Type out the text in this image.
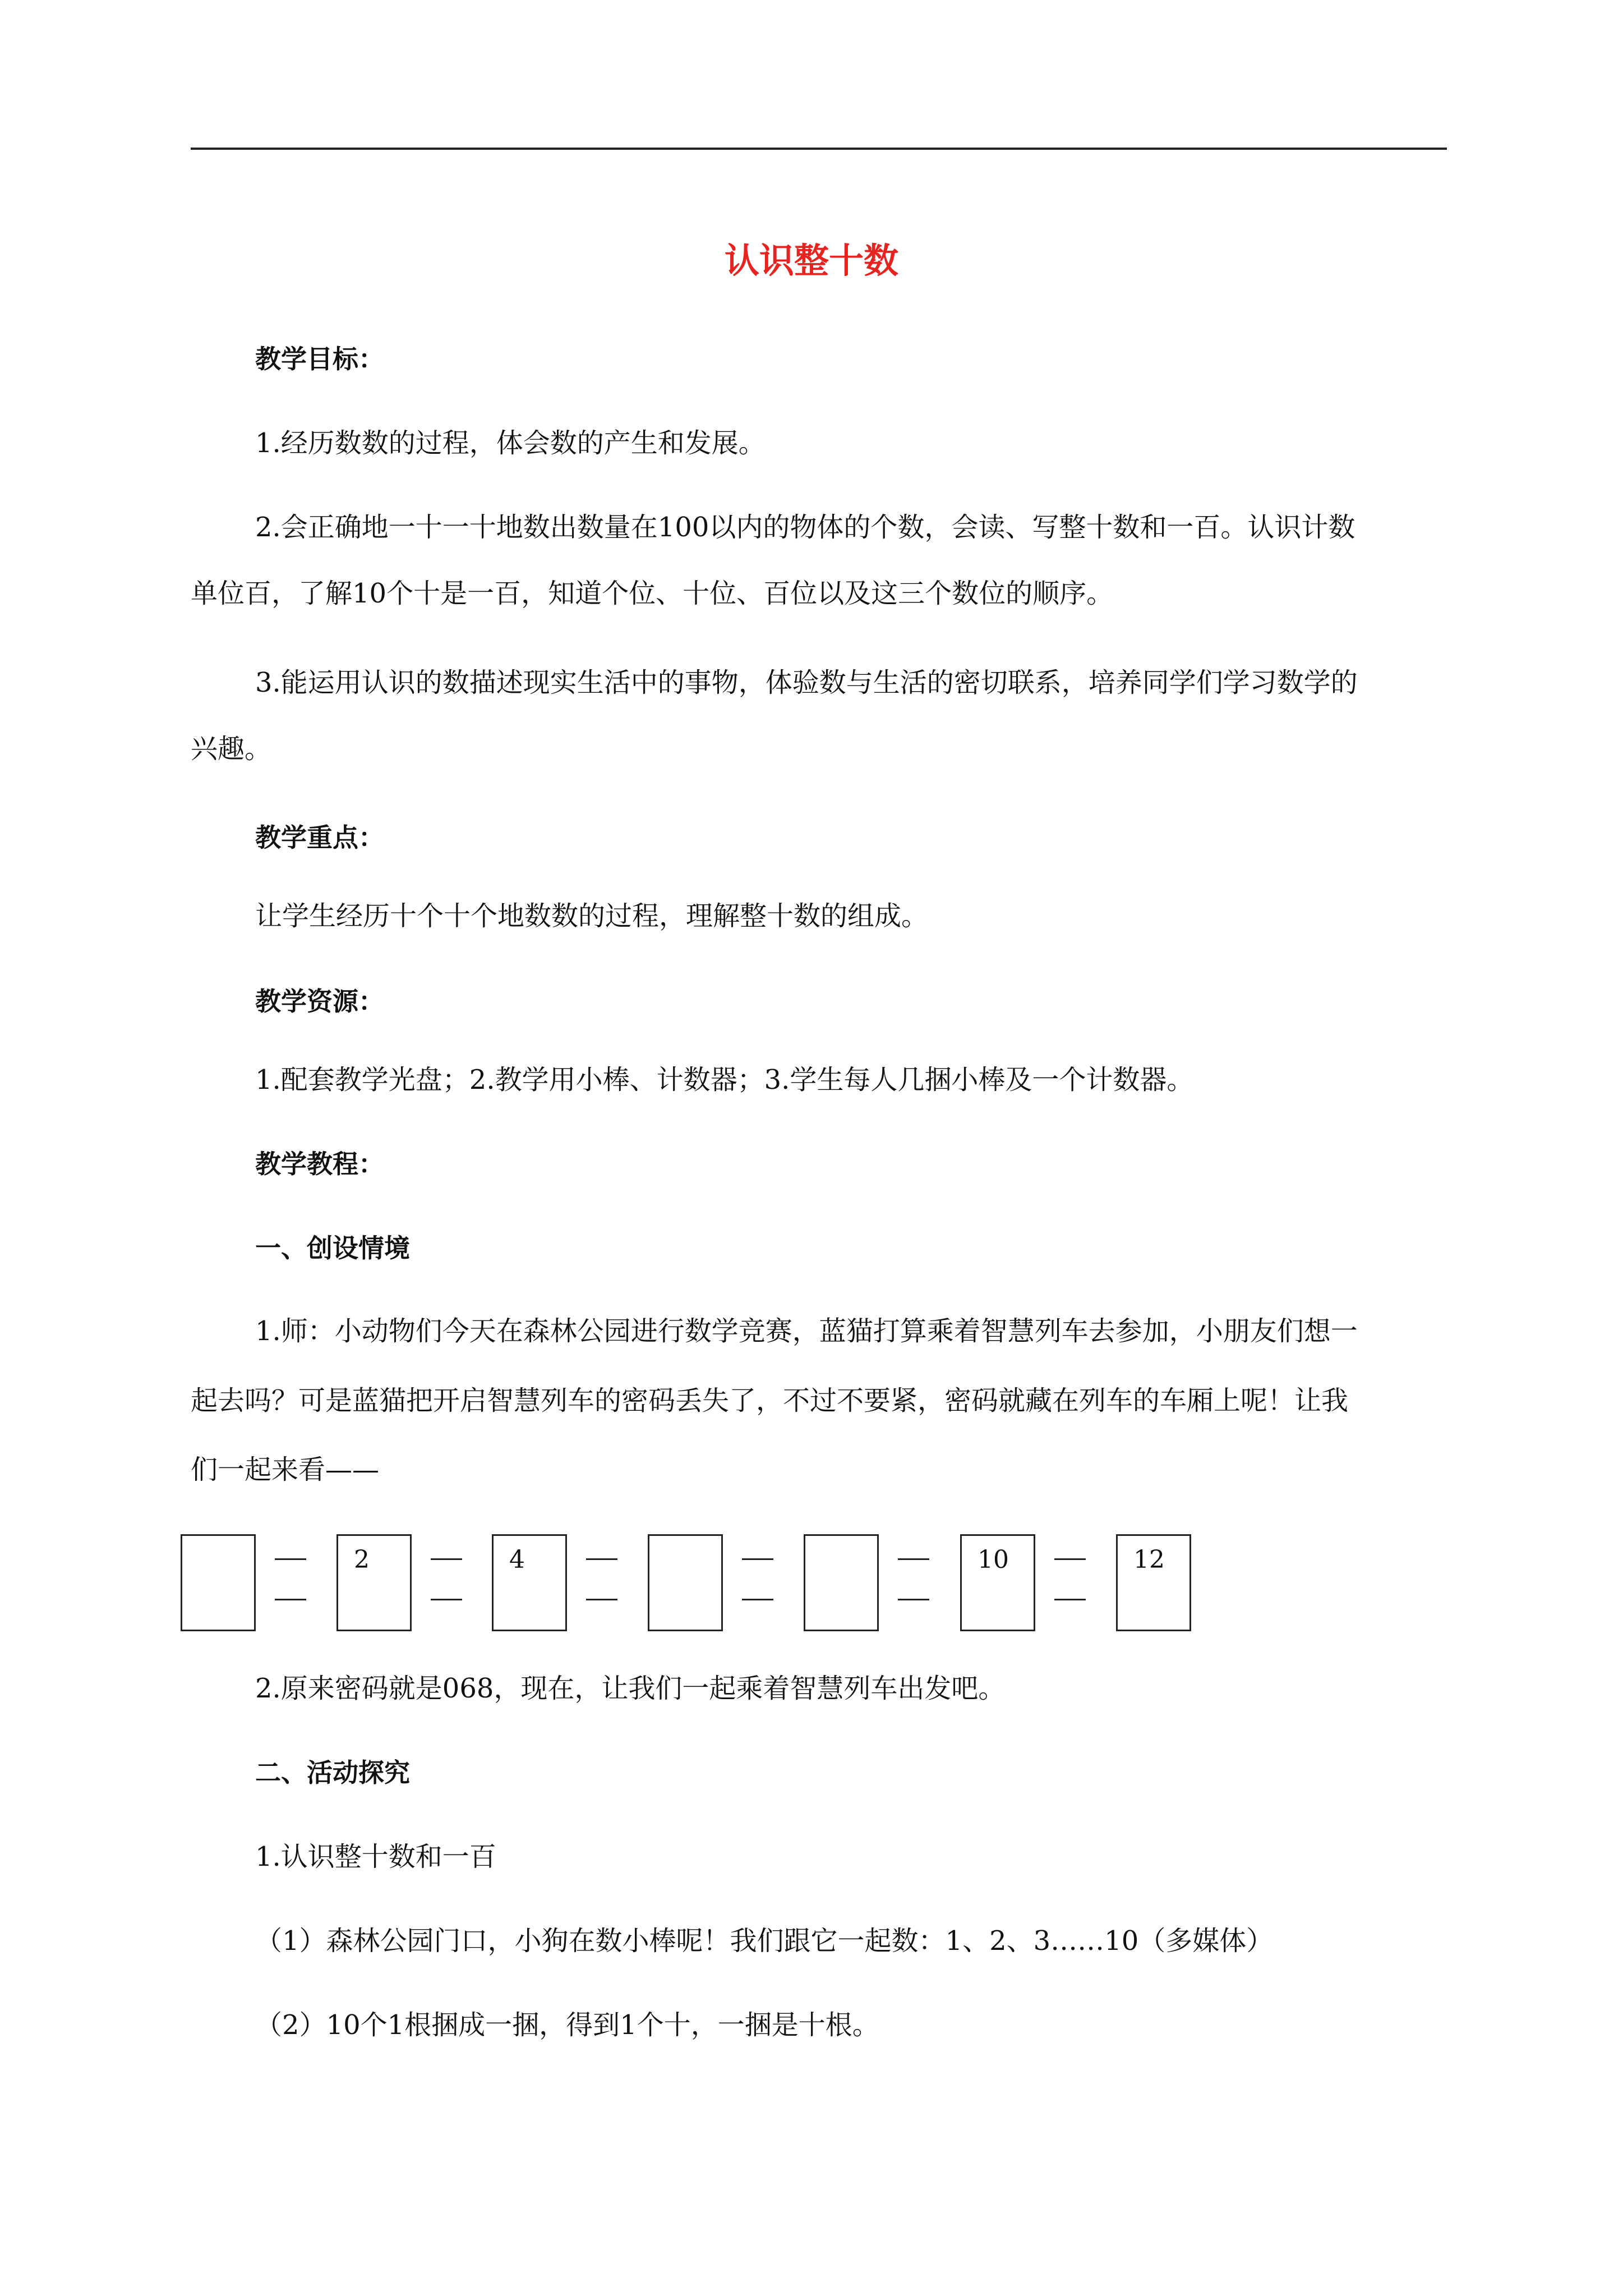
认识整十数

教学目标：

1.经历数数的过程，体会数的产生和发展。

2.会正确地一十一十地数出数量在100以内的物体的个数，会读、写整十数和一百。认识计数

单位百，了解10个十是一百，知道个位、十位、百位以及这三个数位的顺序。

3.能运用认识的数描述现实生活中的事物，体验数与生活的密切联系，培养同学们学习数学的

兴趣。

教学重点：

让学生经历十个十个地数数的过程，理解整十数的组成。

教学资源：

1.配套教学光盘；2.教学用小棒、计数器；3.学生每人几捆小棒及一个计数器。

教学教程：

一、创设情境

1.师：小动物们今天在森林公园进行数学竞赛，蓝猫打算乘着智慧列车去参加，小朋友们想一

起去吗？可是蓝猫把开启智慧列车的密码丢失了，不过不要紧，密码就藏在列车的车厢上呢！让我

们一起来看——

2	4	10	12

2.原来密码就是068，现在，让我们一起乘着智慧列车出发吧。

二、活动探究

1.认识整十数和一百

（1）森林公园门口，小狗在数小棒呢！我们跟它一起数：1、2、3……10（多媒体）

（2）10个1根捆成一捆，得到1个十，一捆是十根。
